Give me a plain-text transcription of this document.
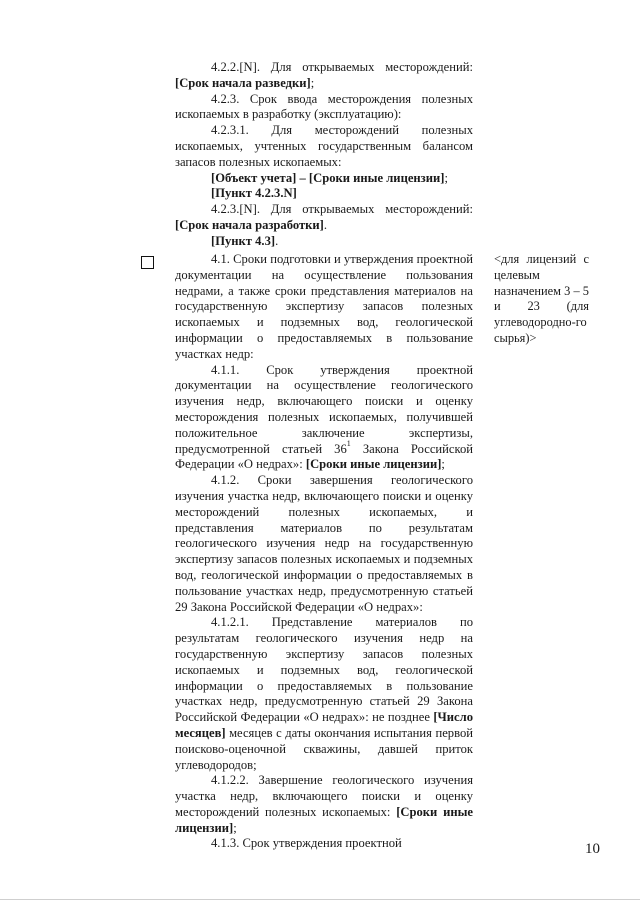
4.2.2.[N]. Для открываемых месторождений: [Срок начала разведки];

4.2.3. Срок ввода месторождения полезных ископаемых в разработку (эксплуатацию):

4.2.3.1. Для месторождений полезных ископаемых, учтенных государственным балансом запасов полезных ископаемых:

[Объект учета] – [Сроки иные лицензии];

[Пункт 4.2.3.N]

4.2.3.[N]. Для открываемых месторождений: [Срок начала разработки].

[Пункт 4.3].

4.1. Сроки подготовки и утверждения проектной документации на осуществление пользования недрами, а также сроки представления материалов на государственную экспертизу запасов полезных ископаемых и подземных вод, геологической информации о предоставляемых в пользование участках недр:

4.1.1. Срок утверждения проектной документации на осуществление геологического изучения недр, включающего поиски и оценку месторождения полезных ископаемых, получившей положительное заключение экспертизы, предусмотренной статьей $36^1$ Закона Российской Федерации «О недрах»: [Сроки иные лицензии];

4.1.2. Сроки завершения геологического изучения участка недр, включающего поиски и оценку месторождений полезных ископаемых, и представления материалов по результатам геологического изучения недр на государственную экспертизу запасов полезных ископаемых и подземных вод, геологической информации о предоставляемых в пользование участках недр, предусмотренную статьей 29 Закона Российской Федерации «О недрах»:

4.1.2.1. Представление материалов по результатам геологического изучения недр на государственную экспертизу запасов полезных ископаемых и подземных вод, геологической информации о предоставляемых в пользование участках недр, предусмотренную статьей 29 Закона Российской Федерации «О недрах»: не позднее [Число месяцев] месяцев с даты окончания испытания первой поисково-оценочной скважины, давшей приток углеводородов;

4.1.2.2. Завершение геологического изучения участка недр, включающего поиски и оценку месторождений полезных ископаемых: [Сроки иные лицензии];

4.1.3. Срок утверждения проектной

<для лицензий с целевым назначением 3 – 5 и 23 (для углеводородно-го сырья)>
10
